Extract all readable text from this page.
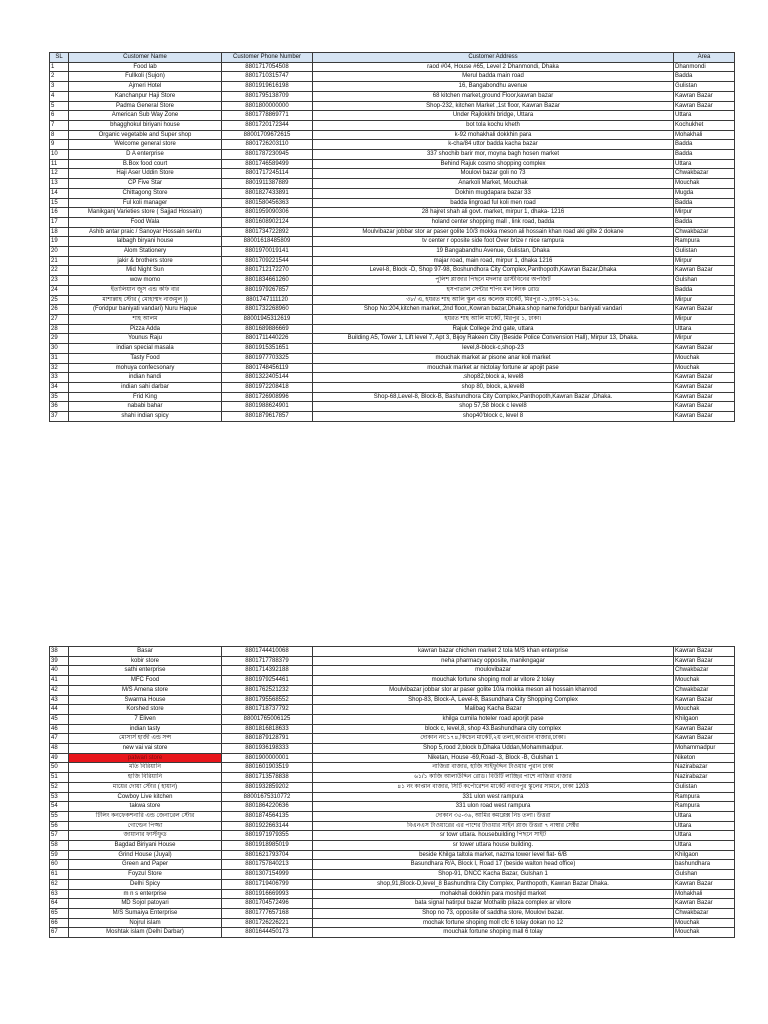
SL	Customer Name	Customer Phone Number	Customer Address	Area
1	Food lab	8801717054508	raod #04, House #65, Level 2 Dhanmondi, Dhaka	Dhanmondi
2	Fullkoli (Sujon)	8801710315747	Merul badda main road	Badda
3	Ajmeri Hotel	8801919616198	16, Bangabondhu avenue	Gulistan
4	Kanchanpur Haji Store	8801795138709	68 kitchen market,ground Floor,kawran bazar	Kawran Bazar
5	Padma General Store	8801800000000	Shop-232, kitchen Market ,1st floor, Kawran Bazar	Kawran Bazar
6	American Sub Way Zone	8801778869771	Under Rajlokkhi bridge, Uttara	Uttara
7	bhagghokul biriyani house	8801720172344	bot tola kochu kheth	Kochukhet
8	Organic vegetable and Super shop	88001709672615	k-92 mohakhali dokkhin para	Mohakhali
9	Welcome general store	8801726203110	k-cha/84 uttor badda kacha bazar	Badda
10	D A enterprise	8801787230945	337 shochib barir mor, moyna bagh hosen market	Badda
11	B.Box food court	8801746589499	Behind Rajuk cosmo shopping complex	Uttara
12	Haji Aser Uddin Store	8801717245114	Moulovi bazar goli no 73	Chwakbazar
13	CP Five Star	8801911387889	Anarkoli Market, Mouchak	Mouchak
14	Chittagong Store	8801827433891	Dokhin mugdapara bazar 33	Mugda
15	Ful koli manager	8801580456363	badda lingroad ful koli men road	Badda
16	Manikganj Varieties store ( Sajjad Hossain)	8801959090306	28 hajret shah ali govt. market, mirpur 1, dhaka- 1216	Mirpur
17	Food Wala	8801608902124	holand center shopping mall , link road, badda	Badda
18	Ashib antar praic / Sanoyar Hossain sentu	8801734722892	Moulvibazar jobbar stor ar paser golite 10/3 mokka meson ali hossain khan road aki gilte 2 dokane	Chwakbazar
19	lalbagh biryani house	88001618485809	tv center r oposite side foot Over brize r nice rampura	Rampura
20	Alom Stationery	8801970019141	19 Bangabandhu Avenue, Gulistan, Dhaka	Gulistan
21	jakir & brothers store	8801709221544	majar road, main road, mirpur 1, dhaka 1216	Mirpur
22	Mid Night Sun	8801712172270	Level-8, Block -D, Shop 97-98, Boshundhora City Complex,Panthopoth,Kawran Bazar,Dhaka	Kawran Bazar
23	wow momo	8801834661260	পুলিশ প্লাজার পিছনে মদলার ডাস্টবিনের অপজিট	Gulshan
24	ইতালিয়ান জুস এন্ড কফি বার	8801979267857	হসপাতাল সেন্টার শপিং মল লিংক রোড	Badda
25	মাশাল্লাহ স্টোর ( মোহাম্মদ নাজমুল ))	8801747111120	৩৮/ এ, হযরত শাহ আলি স্কুল এন্ড কলেজ মার্কেট, মিরপুর -১,ঢাকা-১২১৬.	Mirpur
26	(Foridpur baniyati vandari) Nuru Haque	8801732268960	Shop No:204,kitchen market,,2nd floor,,Kowran bazar,Dhaka.shop name:foridpur baniyati vandari	Kawran Bazar
27	শাহ আলম	88001945312619	হযরত শাহ আলি মার্কেট, মিরপুর ১, ঢাকা।	Mirpur
28	Pizza Adda	8801689886669	Rajuk College 2nd gate, uttara	Uttara
29	Younus Raju	8801711440226	Building A5, Tower 1, Lift level 7, Apt 3, Bijoy Rakeen City (Beside Police Convension Hall), Mirpur 13, Dhaka.	Mirpur
30	indian special masala	8801915351651	level,8-block-c,shop-23	Kawran Bazar
31	Tasty Food	8801977703325	mouchak market ar pisone anar koli market	Mouchak
32	mohuya confecsonary	8801748456119	mouchak market ar nictolay fortune ar apojit pase	Mouchak
33	indian handi	8801322405144	.shop82,block a, level8	Kawran Bazar
34	indian sahi darbar	8801972208418	shop 80, block, a,level8	Kawran Bazar
35	Frid King	8801726908996	Shop-68,Level-8, Block-B, Bashundhora City Complex,Panthopoth,Kawran Bazar ,Dhaka.	Kawran Bazar
36	nababi bahar	8801988624901	shop 57,58 block c level8	Kawran Bazar
37	shahi indian spicy	8801879617857	shop40'block c, level 8	Kawran Bazar
38	Basar	8801744410068	kawran bazar chichen market 2 tola M/S khan enterprise	Kawran Bazar
39	kobir store	8801717788379	neha pharmacy opposite, manikngagar	Kawran Bazar
40	sathi enterprise	8801714392188	moulovibazar	Chwakbazar
41	MFC Food	8801979254461	mouchak fortune shoping moll ar vitore 2 tolay	Mouchak
42	M/S Amena store	8801762521232	Moulvibazar jobbar stor ar paser golite 10/a mokka meson ali hossain khanrod	Chwakbazar
43	Swarma House	8801795568552	Shop-83, Block-A, Level-8, Basundhara City Shopping Complex	Kawran Bazar
44	Korshed store	8801718737792	Malibag Kacha Bazar	Mouchak
45	7 Eliven	88001765006125	khilga cumila hoteler road aporjit pase	Khilgaon
46	indian tasty	8801816818633	block c, level,8, shop 43.Bashundhara city complex	Kawran Bazar
47	মোসার্স হাজী এন্ড সন্স	8801879128791	দোকান নং:১৭৪,কিচেন মার্কেট,২য় তলা,কাওরান বাজার,ঢাকা।	Kawran Bazar
48	new vai vai store	8801936198333	Shop 5,rood 2,block b,Dhaka Uddan,Mohammadpur.	Mohammadpur
49	patwari store	8801900000001	Niketan, House -69,Road -3, Block -B, Gulshan 1	Niketon
50	মতি বিরিয়ানি	8801601903519	নাজিরা বাজার, হাজি সাইফুদ্দিন টাওয়ার পুরান ঢাকা	Nazirabazar
51	হাজি বিরিয়ানি	8801713578838	৬১/১ কাজি আলাউদ্দিন রোড। বিউটি লাচ্ছির পাশে নাজিরা বাজার	Nazirabazar
52	মায়ের দোয়া স্টোর ( হায়ান)	8801932859202	৪১ নং কাপ্তান বাজার, সিটি কর্পোরেশন মার্কেট নবাবপুর স্কুলের সামনে, ঢাকা 1203	Gulistan
53	Cowboy Live kitchen	88001675310772	331 ulon west rampura	Rampura
54	takwa store	8801864220636	331 ulon road west rampura	Rampura
55	টিলিং কনফেকশনারি এন্ড জেনারেল স্টোর	8801874564135	দোকান ৩৫-৩৬, আমির কমপ্লেক্স নিচ তলা। উত্তরা	Uttara
56	গোল্ডেন পিজ্জা	8801922663144	বিএনএস টাওয়ারের এর পাশের টাওয়ার সাইন প্লাজ উত্তরা ৭ নাম্বার সেক্টর	Uttara
57	জায়ানার ফাস্টফুড	8801971979355	sr towr uttara. housebuilding পিছনে সাইট	Uttara
58	Bagdad Biriyani House	8801918985019	sr tower uttara house building.	Uttara
59	Grind House (Juyal)	8801621793704	beside Khilga taltola market, nazma tower level flat- 6/B	Khilgaon
60	Green and Paper	8801757840213	Basundhara R/A, Block I, Road 17 (beside walton head office)	bashundhara
61	Foyzul Store	8801307154999	Shop-91, DNCC Kacha Bazar, Gulshan 1	Gulshan
62	Delhi Spicy	8801719406799	shop,91,Block-D,level_8 Bashundhra City Complex, Panthopoth, Kawran Bazar Dhaka.	Kawran Bazar
63	m n s enterprise	8801916669993	mohakhali dokkhin para moshjid market	Mohakhali
64	MD Sojol patoyari	8801704572496	bata signal hatirpul bazar Mothalib pilaza complex ar vitore	Kawran Bazar
65	M/S Sumaiya Enterprise	8801777657168	Shop no 73, opposite of saddha store, Moulovi bazar.	Chwakbazar
66	Nojrul islam	8801726226221	mochak fortune shoping moll cfc 6 tolay dokan no 12	Mouchak
67	Moshtak islam (Delhi Darbar)	8801644450173	mouchak fortune shoping mall 6 tolay	Mouchak
